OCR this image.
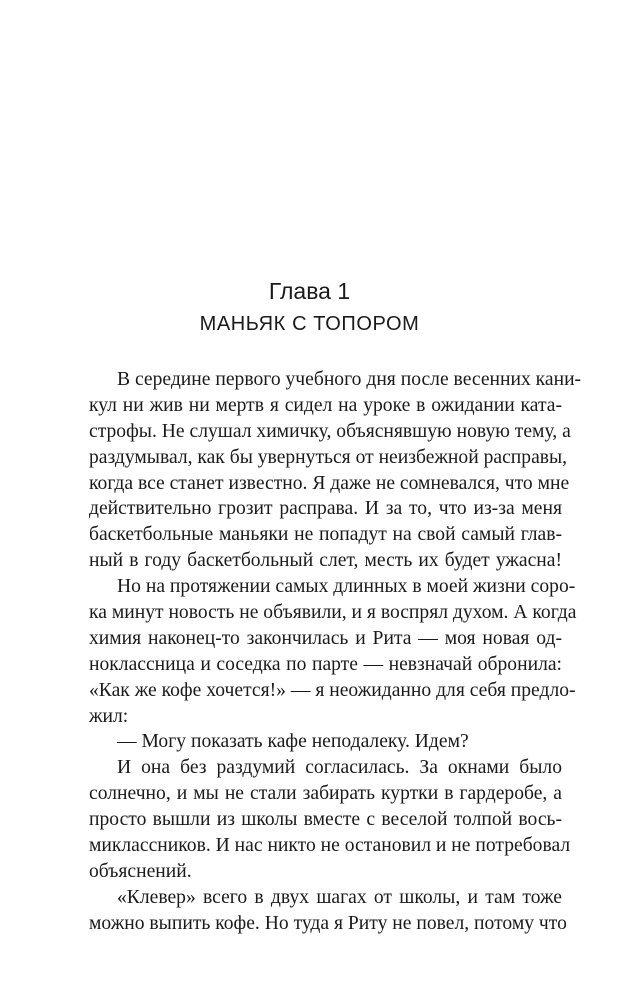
Глава 1
МАНЬЯК С ТОПОРОМ

В середине первого учебного дня после весенних кани-
кул ни жив ни мертв я сидел на уроке в ожидании ката-
строфы. Не слушал химичку, объяснявшую новую тему, а
раздумывал, как бы увернуться от неизбежной расправы,
когда все станет известно. Я даже не сомневался, что мне
действительно грозит расправа. И за то, что из-за меня
баскетбольные маньяки не попадут на свой самый глав-
ный в году баскетбольный слет, месть их будет ужасна!

Но на протяжении самых длинных в моей жизни соро-
ка минут новость не объявили, и я воспрял духом. А когда
химия наконец-то закончилась и Рита — моя новая од-
ноклассница и соседка по парте — невзначай обронила:
«Как же кофе хочется!» — я неожиданно для себя предло-
жил:

— Могу показать кафе неподалеку. Идем?

И она без раздумий согласилась. За окнами было
солнечно, и мы не стали забирать куртки в гардеробе, а
просто вышли из школы вместе с веселой толпой вось-
миклассников. И нас никто не остановил и не потребовал
объяснений.

«Клевер» всего в двух шагах от школы, и там тоже
можно выпить кофе. Но туда я Риту не повел, потому что
